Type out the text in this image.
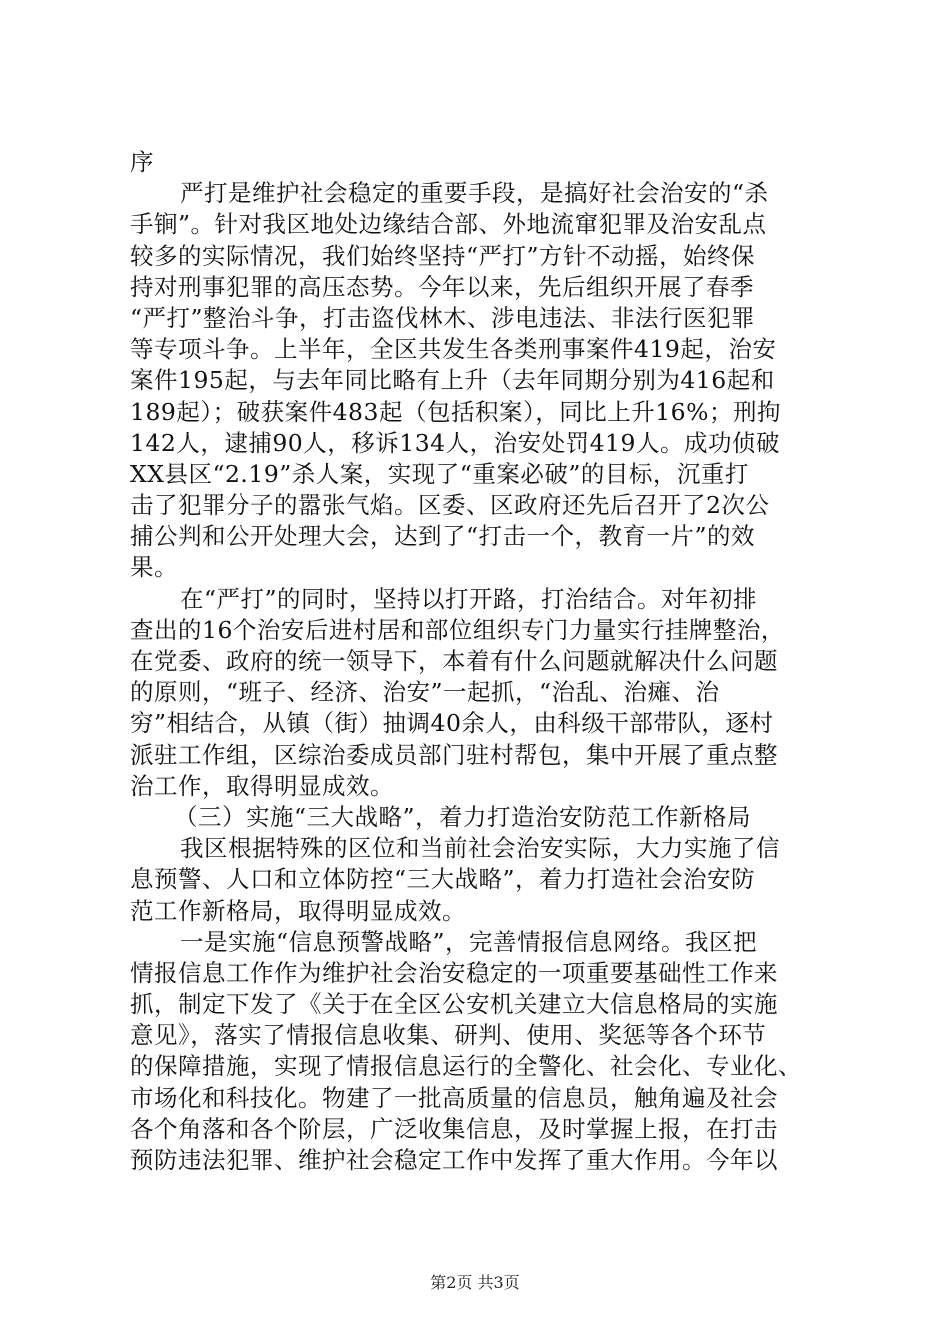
序
严打是维护社会稳定的重要手段，是搞好社会治安的“杀
手锏”。针对我区地处边缘结合部、外地流窜犯罪及治安乱点
较多的实际情况，我们始终坚持“严打”方针不动摇，始终保
持对刑事犯罪的高压态势。今年以来，先后组织开展了春季
“严打”整治斗争，打击盗伐林木、涉电违法、非法行医犯罪
等专项斗争。上半年，全区共发生各类刑事案件419起，治安
案件195起，与去年同比略有上升（去年同期分别为416起和
189起）；破获案件483起（包括积案），同比上升16%；刑拘
142人，逮捕90人，移诉134人，治安处罚419人。成功侦破
XX县区“2.19”杀人案，实现了“重案必破”的目标，沉重打
击了犯罪分子的嚣张气焰。区委、区政府还先后召开了2次公
捕公判和公开处理大会，达到了“打击一个，教育一片”的效
果。
在“严打”的同时，坚持以打开路，打治结合。对年初排
查出的16个治安后进村居和部位组织专门力量实行挂牌整治，
在党委、政府的统一领导下，本着有什么问题就解决什么问题
的原则，“班子、经济、治安”一起抓，“治乱、治瘫、治
穷”相结合，从镇（街）抽调40余人，由科级干部带队，逐村
派驻工作组，区综治委成员部门驻村帮包，集中开展了重点整
治工作，取得明显成效。
（三）实施“三大战略”，着力打造治安防范工作新格局
我区根据特殊的区位和当前社会治安实际，大力实施了信
息预警、人口和立体防控“三大战略”，着力打造社会治安防
范工作新格局，取得明显成效。
一是实施“信息预警战略”，完善情报信息网络。我区把
情报信息工作作为维护社会治安稳定的一项重要基础性工作来
抓，制定下发了《关于在全区公安机关建立大信息格局的实施
意见》，落实了情报信息收集、研判、使用、奖惩等各个环节
的保障措施，实现了情报信息运行的全警化、社会化、专业化、
市场化和科技化。物建了一批高质量的信息员，触角遍及社会
各个角落和各个阶层，广泛收集信息，及时掌握上报，在打击
预防违法犯罪、维护社会稳定工作中发挥了重大作用。今年以
第2页 共3页
